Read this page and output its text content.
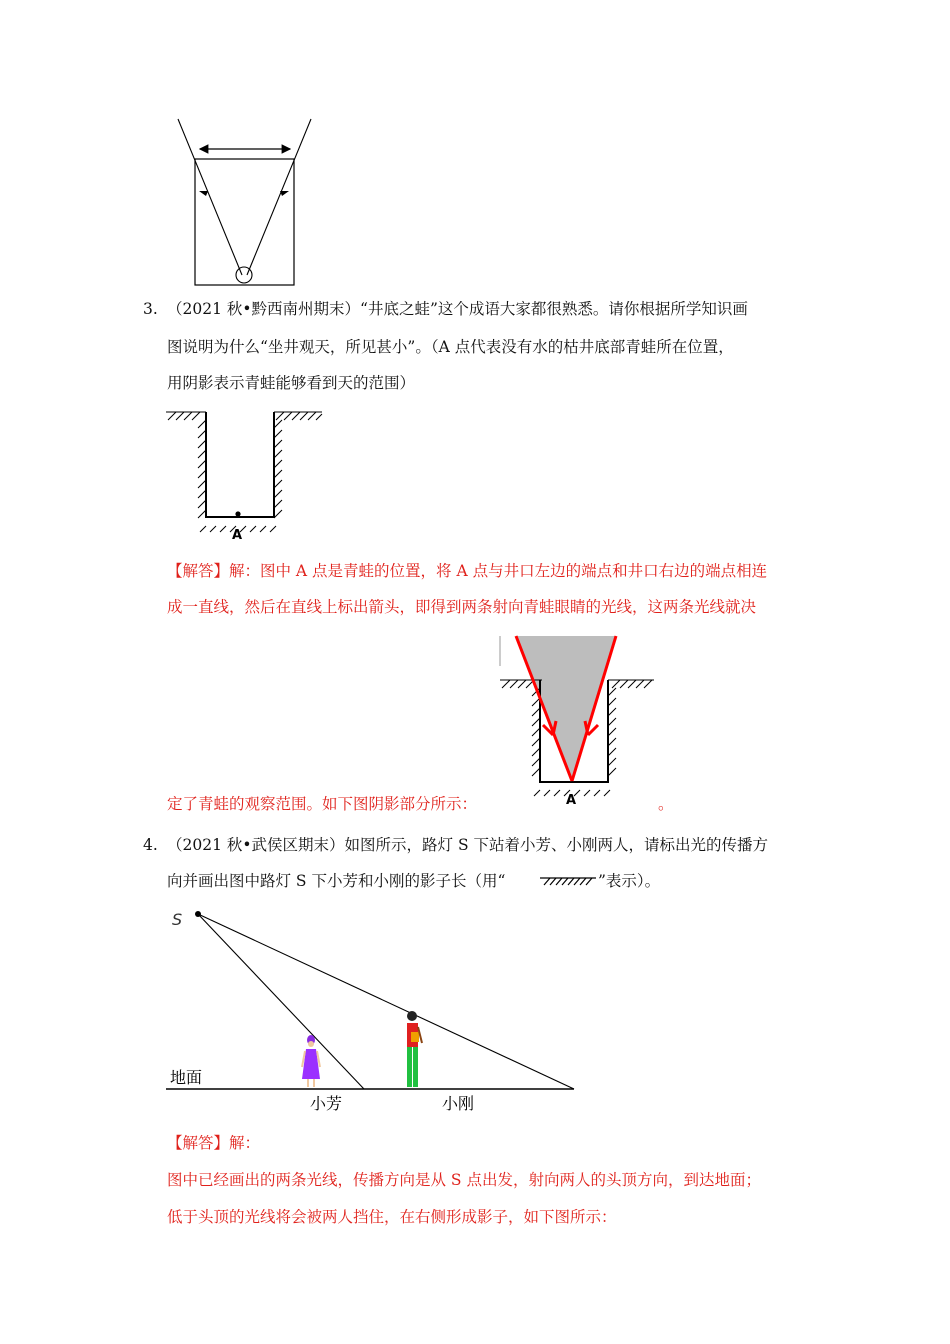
3. （2021 秋•黔西南州期末）“井底之蛙”这个成语大家都很熟悉。请你根据所学知识画
图说明为什么“坐井观天，所见甚小”。（A 点代表没有水的枯井底部青蛙所在位置，
用阴影表示青蛙能够看到天的范围）
A
【解答】解：图中 A 点是青蛙的位置，将 A 点与井口左边的端点和井口右边的端点相连
成一直线，然后在直线上标出箭头，即得到两条射向青蛙眼睛的光线，这两条光线就决
A
定了青蛙的观察范围。如下图阴影部分所示：	。
4. （2021 秋•武侯区期末）如图所示，路灯 S 下站着小芳、小刚两人，请标出光的传播方
向并画出图中路灯 S 下小芳和小刚的影子长（用“	”表示）。
S
地面
小芳	小刚
【解答】解：
图中已经画出的两条光线，传播方向是从 S 点出发，射向两人的头顶方向，到达地面；
低于头顶的光线将会被两人挡住，在右侧形成影子，如下图所示：
